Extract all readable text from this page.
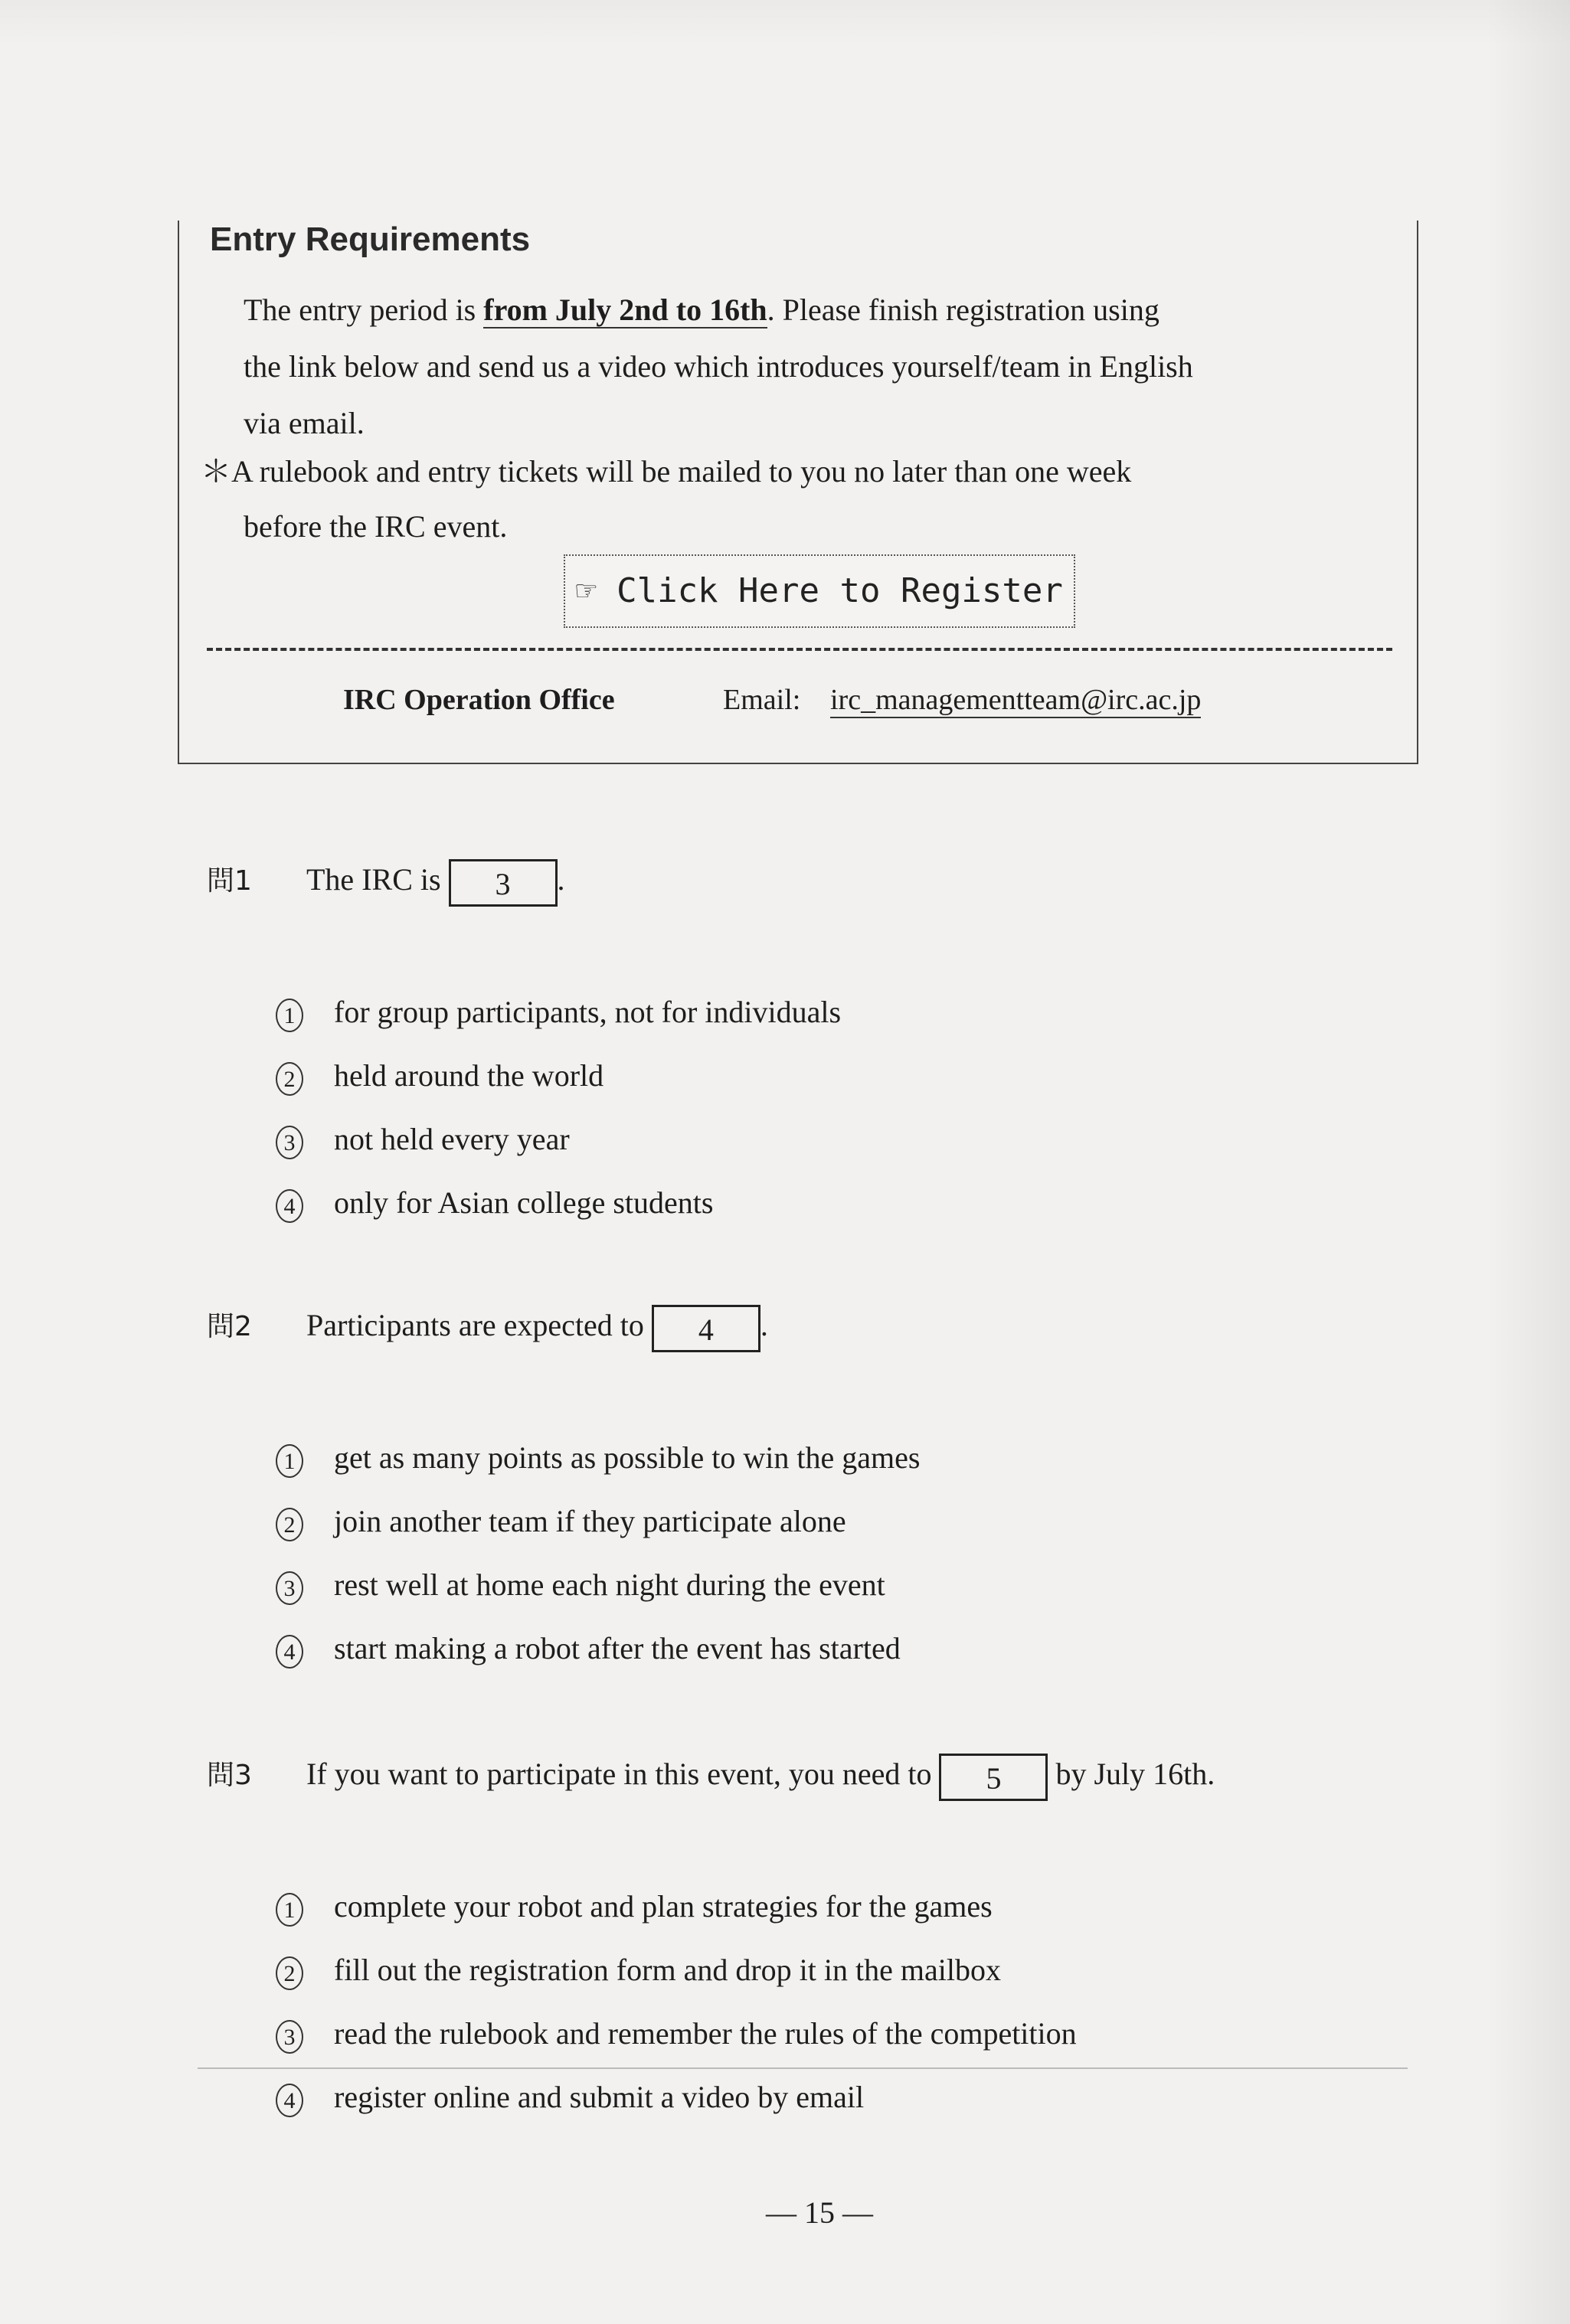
Entry Requirements
The entry period is from July 2nd to 16th. Please finish registration using
the link below and send us a video which introduces yourself/team in English
via email.
＊A rulebook and entry tickets will be mailed to you no later than one week
before the IRC event.
☞ Click Here to Register
IRC Operation Office	Email: irc_managementteam@irc.ac.jp
問1 The IRC is 3 .
1 for group participants, not for individuals
2 held around the world
3 not held every year
4 only for Asian college students
問2 Participants are expected to 4 .
1 get as many points as possible to win the games
2 join another team if they participate alone
3 rest well at home each night during the event
4 start making a robot after the event has started
問3 If you want to participate in this event, you need to 5 by July 16th.
1 complete your robot and plan strategies for the games
2 fill out the registration form and drop it in the mailbox
3 read the rulebook and remember the rules of the competition
4 register online and submit a video by email
— 15 —
